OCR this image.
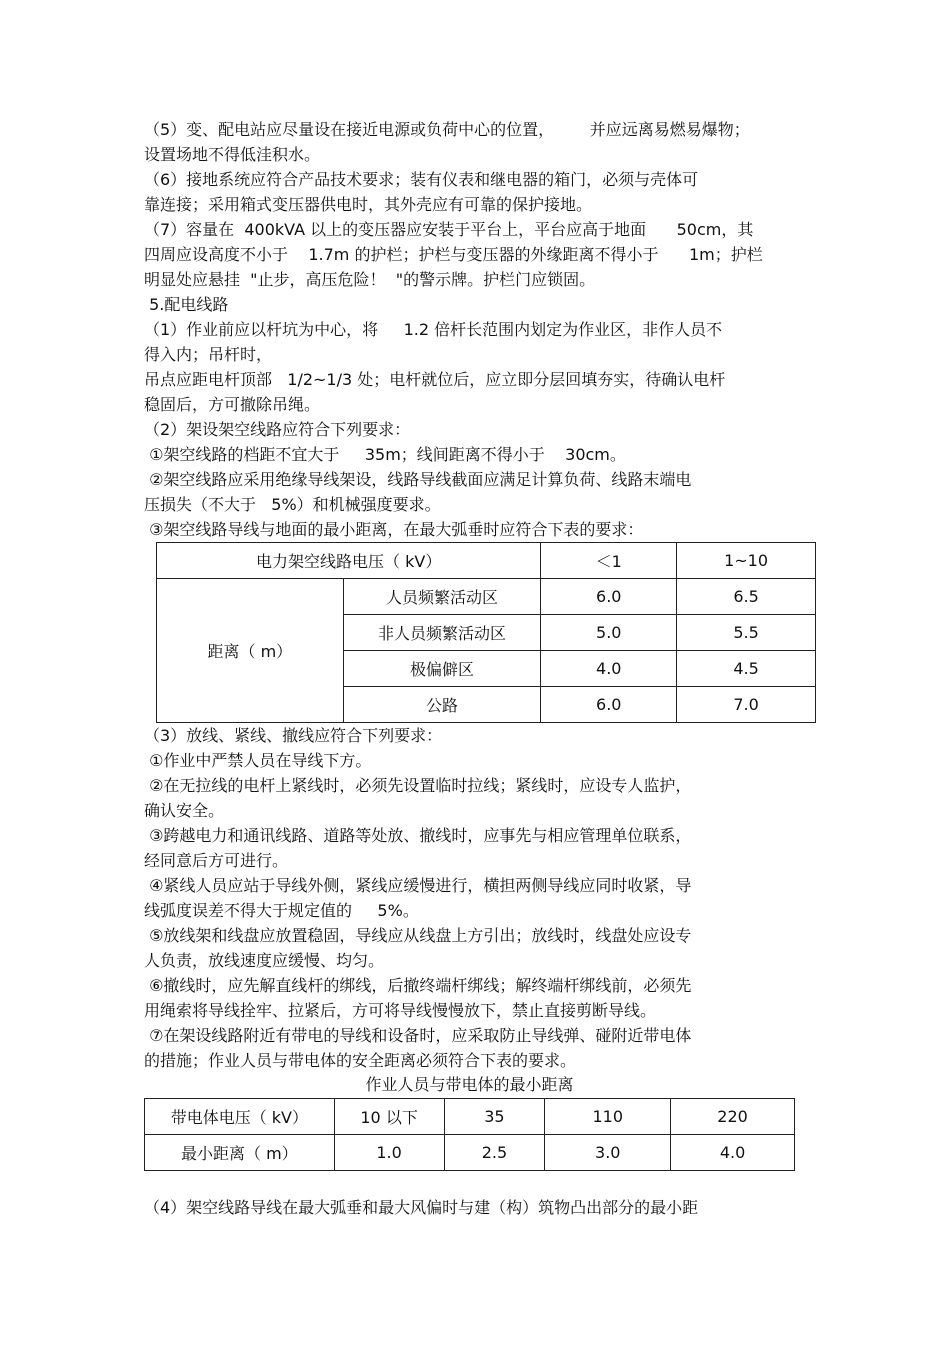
（5）变、配电站应尽量设在接近电源或负荷中心的位置，       并应远离易燃易爆物；
设置场地不得低洼积水。
（6）接地系统应符合产品技术要求；装有仪表和继电器的箱门，必须与壳体可
靠连接；采用箱式变压器供电时，其外壳应有可靠的保护接地。
（7）容量在  400kVA 以上的变压器应安装于平台上，平台应高于地面      50cm，其
四周应设高度不小于    1.7m 的护栏；护栏与变压器的外缘距离不得小于      1m；护栏
明显处应悬挂  "止步，高压危险！  "的警示牌。护栏门应锁固。
5.配电线路
（1）作业前应以杆坑为中心，将     1.2 倍杆长范围内划定为作业区，非作人员不
得入内；吊杆时，
吊点应距电杆顶部   1/2~1/3 处；电杆就位后，应立即分层回填夯实，待确认电杆
稳固后，方可撤除吊绳。
（2）架设架空线路应符合下列要求：
①架空线路的档距不宜大于     35m；线间距离不得小于    30cm。
②架空线路应采用绝缘导线架设，线路导线截面应满足计算负荷、线路末端电
压损失（不大于   5%）和机械强度要求。
③架空线路导线与地面的最小距离，在最大弧垂时应符合下表的要求：
电力架空线路电压（ kV）		＜1	1~10
距离（ m）	人员频繁活动区	6.0	6.5
	非人员频繁活动区	5.0	5.5
	极偏僻区	4.0	4.5
	公路	6.0	7.0
（3）放线、紧线、撤线应符合下列要求：
①作业中严禁人员在导线下方。
②在无拉线的电杆上紧线时，必须先设置临时拉线；紧线时，应设专人监护，
确认安全。
③跨越电力和通讯线路、道路等处放、撤线时，应事先与相应管理单位联系，
经同意后方可进行。
④紧线人员应站于导线外侧，紧线应缓慢进行，横担两侧导线应同时收紧，导
线弧度误差不得大于规定值的     5%。
⑤放线架和线盘应放置稳固，导线应从线盘上方引出；放线时，线盘处应设专
人负责，放线速度应缓慢、均匀。
⑥撤线时，应先解直线杆的绑线，后撤终端杆绑线；解终端杆绑线前，必须先
用绳索将导线拴牢、拉紧后，方可将导线慢慢放下，禁止直接剪断导线。
⑦在架设线路附近有带电的导线和设备时，应采取防止导线弹、碰附近带电体
的措施；作业人员与带电体的安全距离必须符合下表的要求。
作业人员与带电体的最小距离
带电体电压（ kV）	10 以下	35	110	220
最小距离（ m）	1.0	2.5	3.0	4.0
（4）架空线路导线在最大弧垂和最大风偏时与建（构）筑物凸出部分的最小距
